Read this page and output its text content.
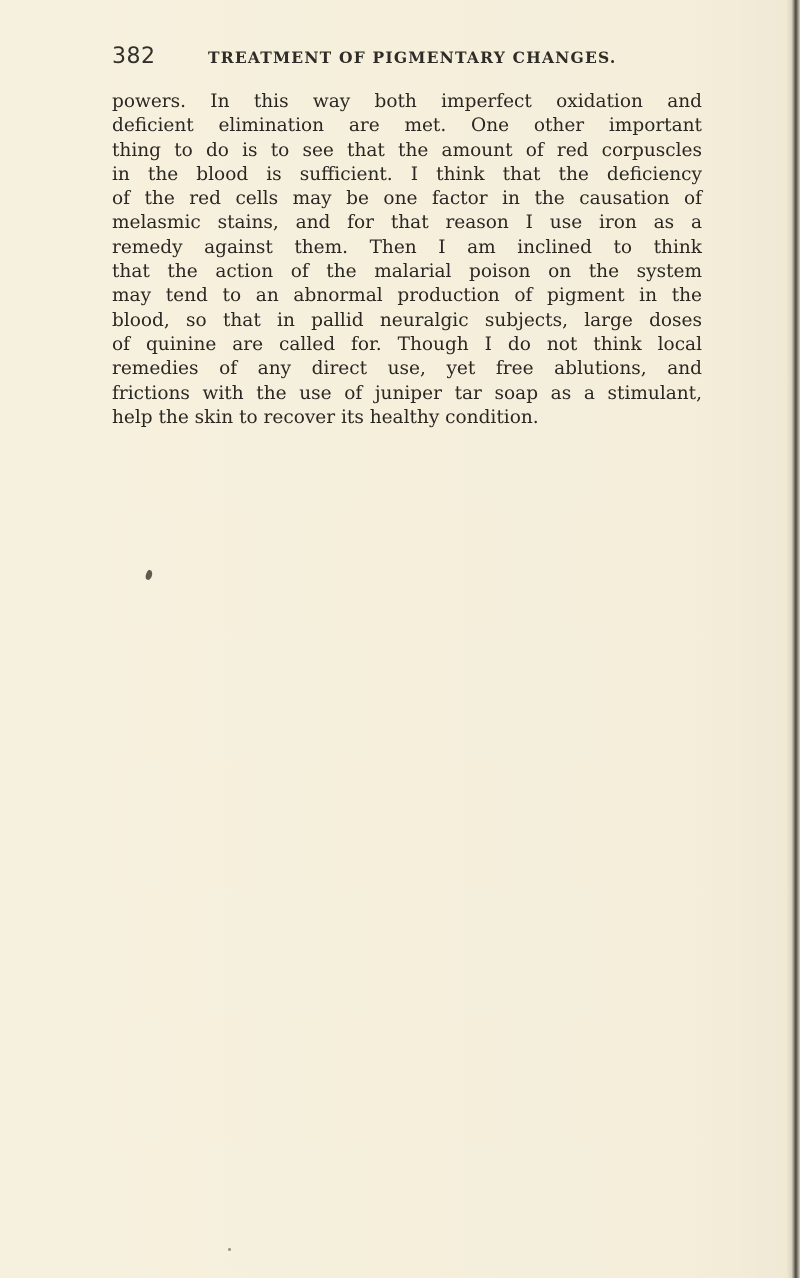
382	TREATMENT OF PIGMENTARY CHANGES.
powers. In this way both imperfect oxidation and
deficient elimination are met. One other important
thing to do is to see that the amount of red corpuscles
in the blood is sufficient. I think that the deficiency
of the red cells may be one factor in the causation of
melasmic stains, and for that reason I use iron as a
remedy against them. Then I am inclined to think
that the action of the malarial poison on the system
may tend to an abnormal production of pigment in the
blood, so that in pallid neuralgic subjects, large doses
of quinine are called for. Though I do not think local
remedies of any direct use, yet free ablutions, and
frictions with the use of juniper tar soap as a stimulant,
help the skin to recover its healthy condition.
